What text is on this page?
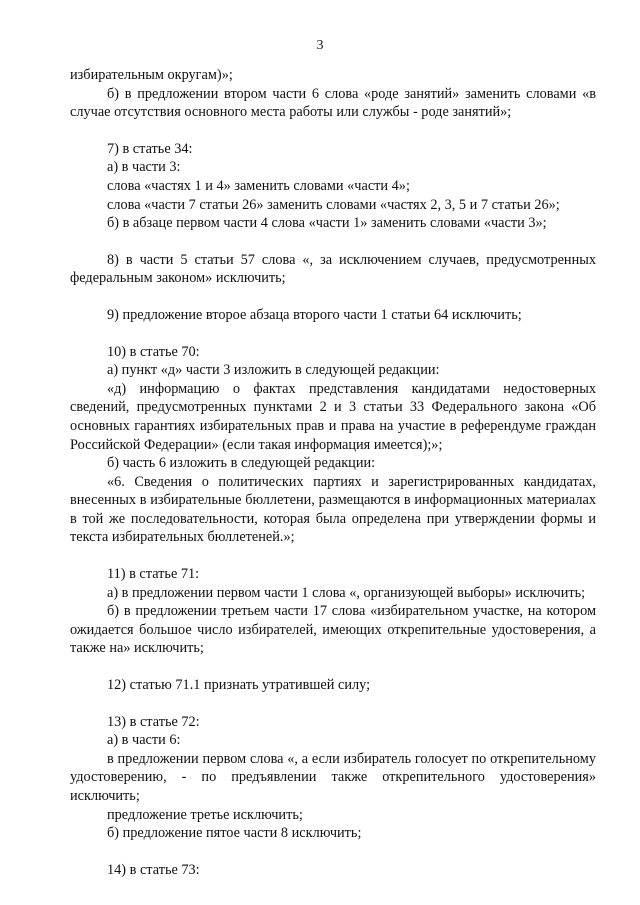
3

избирательным округам)»;

б) в предложении втором части 6 слова «роде занятий» заменить словами «в случае отсутствия основного места работы или службы - роде занятий»;

7) в статье 34:

а) в части 3:

слова «частях 1 и 4» заменить словами «части 4»;

слова «части 7 статьи 26» заменить словами «частях 2, 3, 5 и 7 статьи 26»;

б) в абзаце первом части 4 слова «части 1» заменить словами «части 3»;

8) в части 5 статьи 57 слова «, за исключением случаев, предусмотренных федеральным законом» исключить;

9) предложение второе абзаца второго части 1 статьи 64 исключить;

10) в статье 70:

а) пункт «д» части 3 изложить в следующей редакции:

«д) информацию о фактах представления кандидатами недостоверных сведений, предусмотренных пунктами 2 и 3 статьи 33 Федерального закона «Об основных гарантиях избирательных прав и права на участие в референдуме граждан Российской Федерации» (если такая информация имеется);»;

б) часть 6 изложить в следующей редакции:

«6. Сведения о политических партиях и зарегистрированных кандидатах, внесенных в избирательные бюллетени, размещаются в информационных материалах в той же последовательности, которая была определена при утверждении формы и текста избирательных бюллетеней.»;

11) в статье 71:

а) в предложении первом части 1 слова «, организующей выборы» исключить;

б) в предложении третьем части 17 слова «избирательном участке, на котором ожидается большое число избирателей, имеющих открепительные удостоверения, а также на» исключить;

12) статью 71.1 признать утратившей силу;

13) в статье 72:

а) в части 6:

в предложении первом слова «, а если избиратель голосует по открепительному удостоверению, - по предъявлении также открепительного удостоверения» исключить;

предложение третье исключить;

б) предложение пятое части 8 исключить;

14) в статье 73:
